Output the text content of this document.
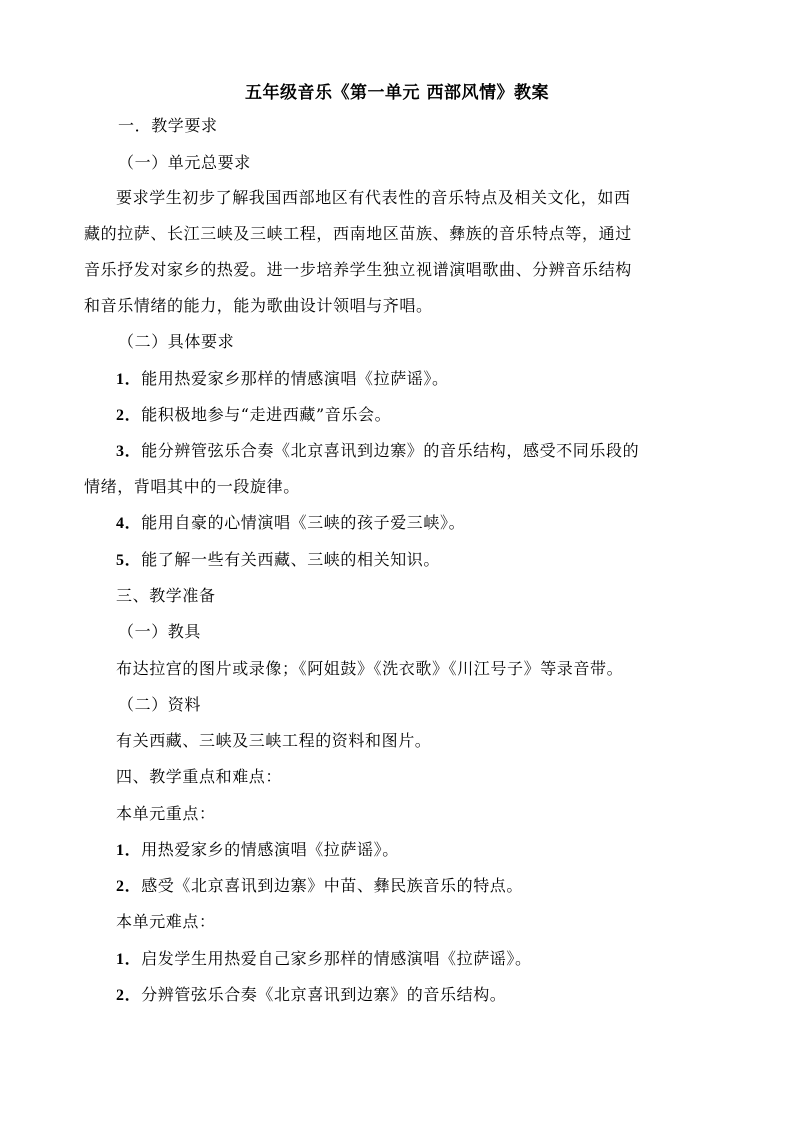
五年级音乐《第一单元 西部风情》教案
一．教学要求
（一）单元总要求
要求学生初步了解我国西部地区有代表性的音乐特点及相关文化，如西
藏的拉萨、长江三峡及三峡工程，西南地区苗族、彝族的音乐特点等，通过
音乐抒发对家乡的热爱。进一步培养学生独立视谱演唱歌曲、分辨音乐结构
和音乐情绪的能力，能为歌曲设计领唱与齐唱。
（二）具体要求
1．能用热爱家乡那样的情感演唱《拉萨谣》。
2．能积极地参与“走进西藏”音乐会。
3．能分辨管弦乐合奏《北京喜讯到边寨》的音乐结构，感受不同乐段的
情绪，背唱其中的一段旋律。
4．能用自豪的心情演唱《三峡的孩子爱三峡》。
5．能了解一些有关西藏、三峡的相关知识。
三、教学准备
（一）教具
布达拉宫的图片或录像；《阿姐鼓》《洗衣歌》《川江号子》等录音带。
（二）资料
有关西藏、三峡及三峡工程的资料和图片。
四、教学重点和难点：
本单元重点：
1．用热爱家乡的情感演唱《拉萨谣》。
2．感受《北京喜讯到边寨》中苗、彝民族音乐的特点。
本单元难点：
1．启发学生用热爱自己家乡那样的情感演唱《拉萨谣》。
2．分辨管弦乐合奏《北京喜讯到边寨》的音乐结构。
